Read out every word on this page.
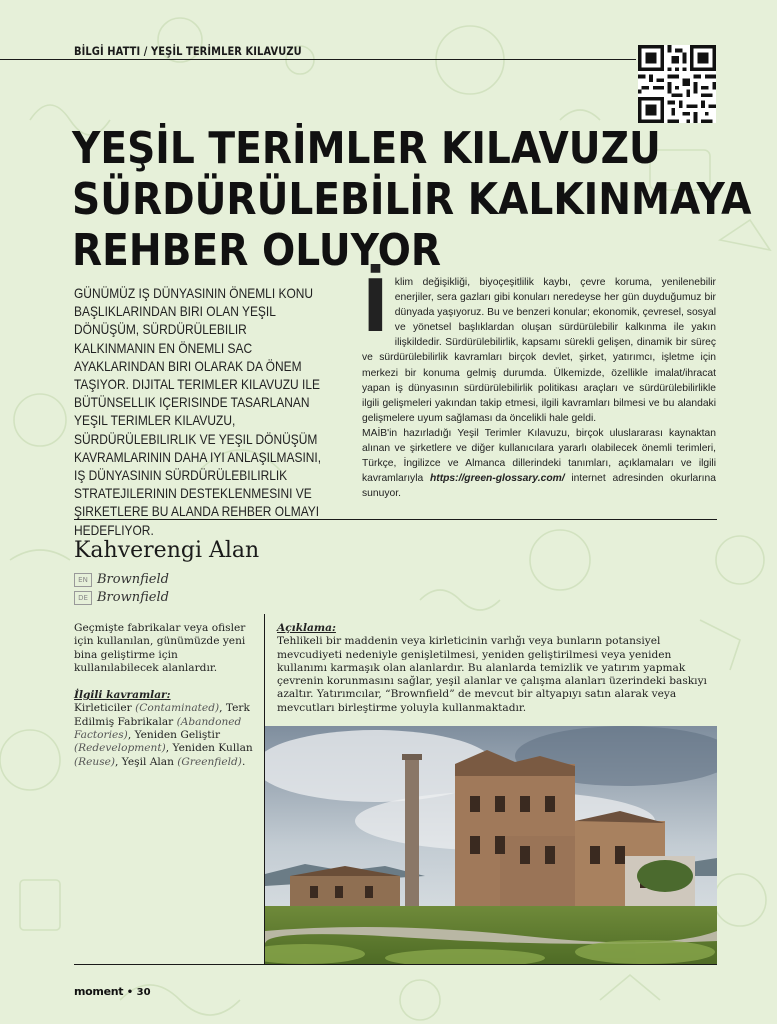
BİLGİ HATTI / YEŞİL TERİMLER KILAVUZU
YEŞİL TERİMLER KILAVUZU
SÜRDÜRÜLEBİLİR KALKINMAYA
REHBER OLUYOR
GÜNÜMÜZ IŞ DÜNYASININ ÖNEMLI KONU BAŞLIKLARINDAN BIRI OLAN YEŞIL DÖNÜŞÜM, SÜRDÜRÜLEBILIR KALKINMANIN EN ÖNEMLI SAC AYAKLARINDAN BIRI OLARAK DA ÖNEM TAŞIYOR. DIJITAL TERIMLER KILAVUZU ILE BÜTÜNSELLIK IÇERISINDE TASARLANAN YEŞIL TERIMLER KILAVUZU, SÜRDÜRÜLEBILIRLIK VE YEŞIL DÖNÜŞÜM KAVRAMLARININ DAHA IYI ANLAŞILMASINI, IŞ DÜNYASININ SÜRDÜRÜLEBILIRLIK STRATEJILERININ DESTEKLENMESINI VE ŞIRKETLERE BU ALANDA REHBER OLMAYI HEDEFLIYOR.
İ klim değişikliği, biyoçeşitlilik kaybı, çevre koruma, yenilenebilir enerjiler, sera gazları gibi konuları neredeyse her gün duyduğumuz bir dünyada yaşıyoruz. Bu ve benzeri konular; ekonomik, çevresel, sosyal ve yönetsel başlıklardan oluşan sürdürülebilir kalkınma ile yakın ilişkildedir. Sürdürülebilirlik, kapsamı sürekli gelişen, dinamik bir süreç ve sürdürülebilirlik kavramları birçok devlet, şirket, yatırımcı, işletme için merkezi bir konuma gelmiş durumda. Ülkemizde, özellikle imalat/ihracat yapan iş dünyasının sürdürülebilirlik politikası araçları ve sürdürülebilirlikle ilgili gelişmeleri yakından takip etmesi, ilgili kavramları bilmesi ve bu alandaki gelişmelere uyum sağlaması da öncelikli hale geldi.

MAİB'in hazırladığı Yeşil Terimler Kılavuzu, birçok uluslararası kaynaktan alınan ve şirketlere ve diğer kullanıcılara yararlı olabilecek önemli terimleri, Türkçe, İngilizce ve Almanca dillerindeki tanımları, açıklamaları ve ilgili kavramlarıyla https://green-glossary.com/ internet adresinden okurlarına sunuyor.

Kahverengi Alan
EN Brownfield
DE Brownfield

Geçmişte fabrikalar veya ofisler için kullanılan, günümüzde yeni bina geliştirme için kullanılabilecek alanlardır.

İlgili kavramlar:

Kirleticiler (Contaminated), Terk Edilmiş Fabrikalar (Abandoned Factories), Yeniden Geliştir (Redevelopment), Yeniden Kullan (Reuse), Yeşil Alan (Greenfield).

Açıklama:

Tehlikeli bir maddenin veya kirleticinin varlığı veya bunların potansiyel mevcudiyeti nedeniyle genişletilmesi, yeniden geliştirilmesi veya yeniden kullanımı karmaşık olan alanlardır. Bu alanlarda temizlik ve yatırım yapmak çevrenin korunmasını sağlar, yeşil alanlar ve çalışma alanları üzerindeki baskıyı azaltır. Yatırımcılar, “Brownfield” de mevcut bir altyapıyı satın alarak veya mevcutları birleştirme yoluyla kullanmaktadır.

moment • 30
